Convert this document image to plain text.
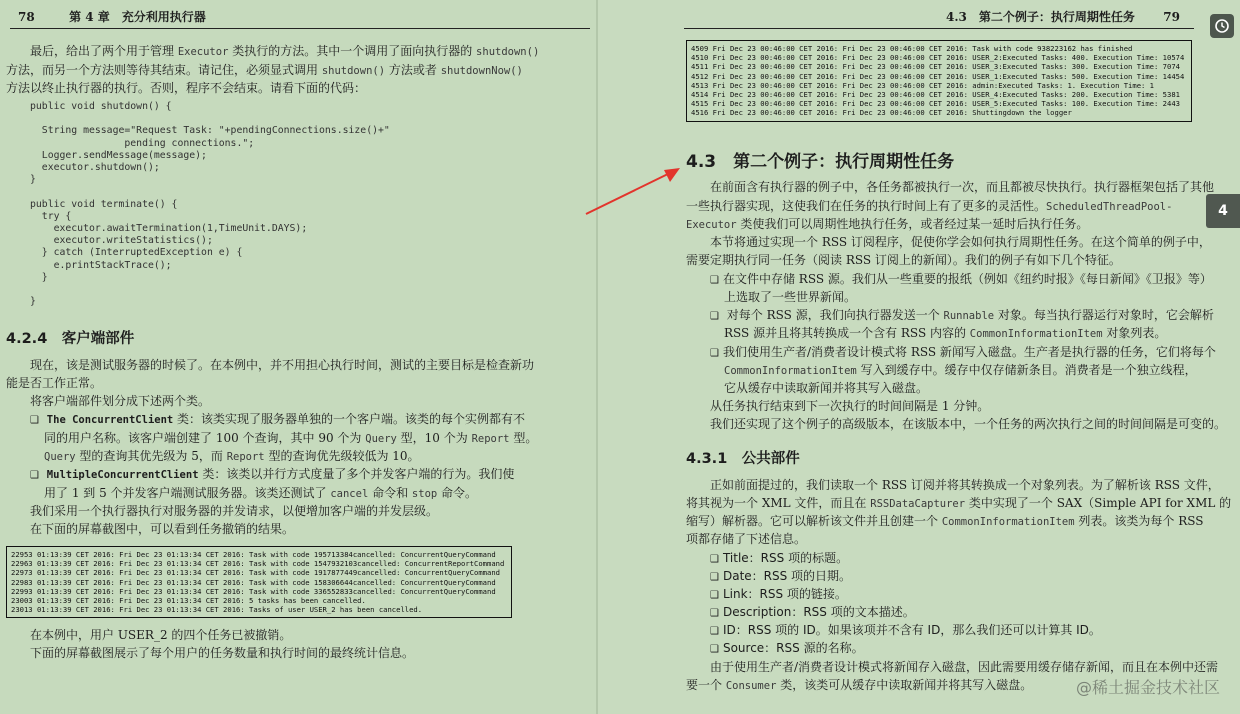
78	第 4 章　充分利用执行器
最后，给出了两个用于管理 Executor 类执行的方法。其中一个调用了面向执行器的 shutdown()
方法，而另一个方法则等待其结束。请记住，必须显式调用 shutdown() 方法或者 shutdownNow()
方法以终止执行器的执行。否则，程序不会结束。请看下面的代码：
public void shutdown() {

String message="Request Task: "+pendingConnections.size()+"
pending connections.";
Logger.sendMessage(message);
executor.shutdown();
}

public void terminate() {
try {
executor.awaitTermination(1,TimeUnit.DAYS);
executor.writeStatistics();
} catch (InterruptedException e) {
e.printStackTrace();
}

}
4.2.4　客户端部件
现在，该是测试服务器的时候了。在本例中，并不用担心执行时间，测试的主要目标是检查新功
能是否工作正常。
将客户端部件划分成下述两个类。
❑ The ConcurrentClient 类：该类实现了服务器单独的一个客户端。该类的每个实例都有不
同的用户名称。该客户端创建了 100 个查询，其中 90 个为 Query 型，10 个为 Report 型。
Query 型的查询其优先级为 5，而 Report 型的查询优先级较低为 10。
❑ MultipleConcurrentClient 类：该类以并行方式度量了多个并发客户端的行为。我们使
用了 1 到 5 个并发客户端测试服务器。该类还测试了 cancel 命令和 stop 命令。
我们采用一个执行器执行对服务器的并发请求，以便增加客户端的并发层级。
在下面的屏幕截图中，可以看到任务撤销的结果。
22953 01:13:39 CET 2016: Fri Dec 23 01:13:34 CET 2016: Task with code 195713384cancelled: ConcurrentQueryCommand
22963 01:13:39 CET 2016: Fri Dec 23 01:13:34 CET 2016: Task with code 1547932103cancelled: ConcurrentReportCommand
22973 01:13:39 CET 2016: Fri Dec 23 01:13:34 CET 2016: Task with code 1917877449cancelled: ConcurrentQueryCommand
22983 01:13:39 CET 2016: Fri Dec 23 01:13:34 CET 2016: Task with code 158306644cancelled: ConcurrentQueryCommand
22993 01:13:39 CET 2016: Fri Dec 23 01:13:34 CET 2016: Task with code 336552833cancelled: ConcurrentQueryCommand
23003 01:13:39 CET 2016: Fri Dec 23 01:13:34 CET 2016: 5 tasks has been cancelled.
23013 01:13:39 CET 2016: Fri Dec 23 01:13:34 CET 2016: Tasks of user USER_2 has been cancelled.
在本例中，用户 USER_2 的四个任务已被撤销。
下面的屏幕截图展示了每个用户的任务数量和执行时间的最终统计信息。
4.3　第二个例子：执行周期性任务 79
4509 Fri Dec 23 00:46:00 CET 2016: Fri Dec 23 00:46:00 CET 2016: Task with code 938223162 has finished
4510 Fri Dec 23 00:46:00 CET 2016: Fri Dec 23 00:46:00 CET 2016: USER_2:Executed Tasks: 400. Execution Time: 10574
4511 Fri Dec 23 00:46:00 CET 2016: Fri Dec 23 00:46:00 CET 2016: USER_3:Executed Tasks: 300. Execution Time: 7074
4512 Fri Dec 23 00:46:00 CET 2016: Fri Dec 23 00:46:00 CET 2016: USER_1:Executed Tasks: 500. Execution Time: 14454
4513 Fri Dec 23 00:46:00 CET 2016: Fri Dec 23 00:46:00 CET 2016: admin:Executed Tasks: 1. Execution Time: 1
4514 Fri Dec 23 00:46:00 CET 2016: Fri Dec 23 00:46:00 CET 2016: USER_4:Executed Tasks: 200. Execution Time: 5381
4515 Fri Dec 23 00:46:00 CET 2016: Fri Dec 23 00:46:00 CET 2016: USER_5:Executed Tasks: 100. Execution Time: 2443
4516 Fri Dec 23 00:46:00 CET 2016: Fri Dec 23 00:46:00 CET 2016: Shuttingdown the logger
4.3　第二个例子：执行周期性任务
在前面含有执行器的例子中，各任务都被执行一次，而且都被尽快执行。执行器框架包括了其他
一些执行器实现，这使我们在任务的执行时间上有了更多的灵活性。ScheduledThreadPool-
Executor 类使我们可以周期性地执行任务，或者经过某一延时后执行任务。
本节将通过实现一个 RSS 订阅程序，促使你学会如何执行周期性任务。在这个简单的例子中，
需要定期执行同一任务（阅读 RSS 订阅上的新闻）。我们的例子有如下几个特征。
❑ 在文件中存储 RSS 源。我们从一些重要的报纸（例如《纽约时报》《每日新闻》《卫报》等）
上选取了一些世界新闻。
❑ 对每个 RSS 源，我们向执行器发送一个 Runnable 对象。每当执行器运行对象时，它会解析
RSS 源并且将其转换成一个含有 RSS 内容的 CommonInformationItem 对象列表。
❑ 我们使用生产者/消费者设计模式将 RSS 新闻写入磁盘。生产者是执行器的任务，它们将每个
CommonInformationItem 写入到缓存中。缓存中仅存储新条目。消费者是一个独立线程，
它从缓存中读取新闻并将其写入磁盘。
从任务执行结束到下一次执行的时间间隔是 1 分钟。
我们还实现了这个例子的高级版本，在该版本中，一个任务的两次执行之间的时间间隔是可变的。
4.3.1　公共部件
正如前面提过的，我们读取一个 RSS 订阅并将其转换成一个对象列表。为了解析该 RSS 文件，
将其视为一个 XML 文件，而且在 RSSDataCapturer 类中实现了一个 SAX（Simple API for XML 的
缩写）解析器。它可以解析该文件并且创建一个 CommonInformationItem 列表。该类为每个 RSS
项都存储了下述信息。
❑ Title：RSS 项的标题。
❑ Date：RSS 项的日期。
❑ Link：RSS 项的链接。
❑ Description：RSS 项的文本描述。
❑ ID：RSS 项的 ID。如果该项并不含有 ID，那么我们还可以计算其 ID。
❑ Source：RSS 源的名称。
由于使用生产者/消费者设计模式将新闻存入磁盘，因此需要用缓存储存新闻，而且在本例中还需
要一个 Consumer 类，该类可从缓存中读取新闻并将其写入磁盘。
4
@稀土掘金技术社区
